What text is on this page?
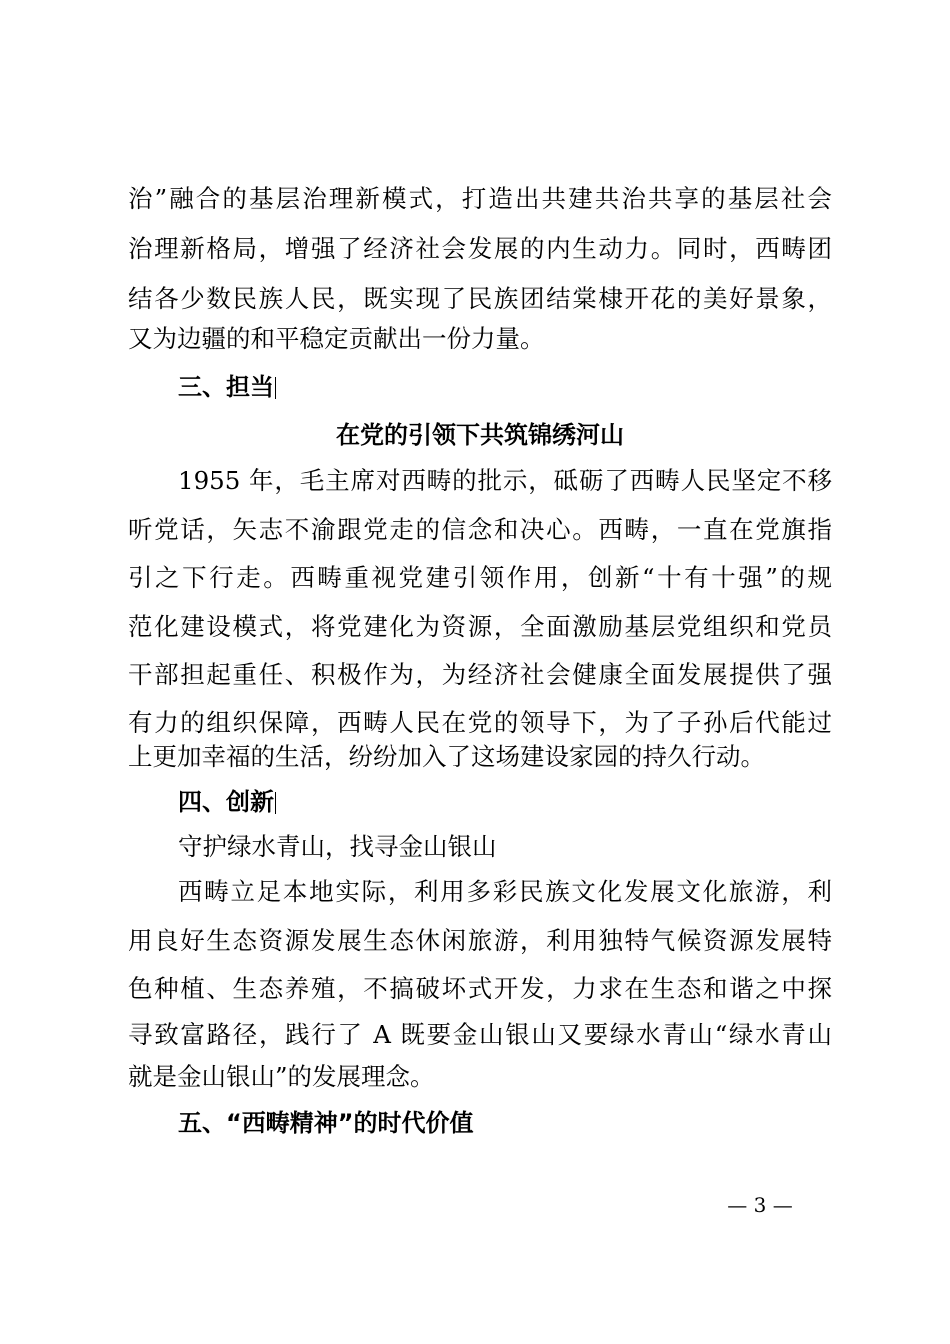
治”融合的基层治理新模式，打造出共建共治共享的基层社会
治理新格局，增强了经济社会发展的内生动力。同时，西畴团
结各少数民族人民，既实现了民族团结棠棣开花的美好景象，
又为边疆的和平稳定贡献出一份力量。
三、担当
在党的引领下共筑锦绣河山
1955 年，毛主席对西畴的批示，砥砺了西畴人民坚定不移
听党话，矢志不渝跟党走的信念和决心。西畴，一直在党旗指
引之下行走。西畴重视党建引领作用，创新“十有十强”的规
范化建设模式，将党建化为资源，全面激励基层党组织和党员
干部担起重任、积极作为，为经济社会健康全面发展提供了强
有力的组织保障，西畴人民在党的领导下，为了子孙后代能过
上更加幸福的生活，纷纷加入了这场建设家园的持久行动。
四、创新
守护绿水青山，找寻金山银山
西畴立足本地实际，利用多彩民族文化发展文化旅游，利
用良好生态资源发展生态休闲旅游，利用独特气候资源发展特
色种植、生态养殖，不搞破坏式开发，力求在生态和谐之中探
寻致富路径，践行了 A 既要金山银山又要绿水青山“绿水青山
就是金山银山”的发展理念。
五、“西畴精神”的时代价值
— 3 —
